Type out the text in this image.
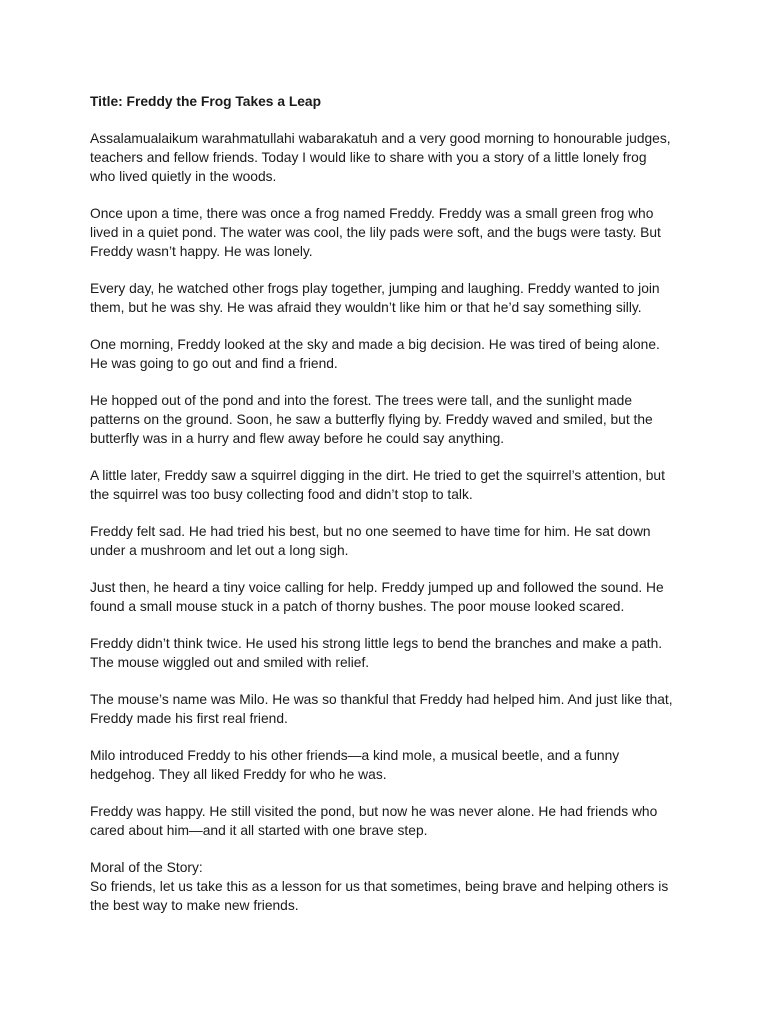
Title: Freddy the Frog Takes a Leap

Assalamualaikum warahmatullahi wabarakatuh and a very good morning to honourable judges,
teachers and fellow friends. Today I would like to share with you a story of a little lonely frog
who lived quietly in the woods.

Once upon a time, there was once a frog named Freddy. Freddy was a small green frog who
lived in a quiet pond. The water was cool, the lily pads were soft, and the bugs were tasty. But
Freddy wasn’t happy. He was lonely.

Every day, he watched other frogs play together, jumping and laughing. Freddy wanted to join
them, but he was shy. He was afraid they wouldn’t like him or that he’d say something silly.

One morning, Freddy looked at the sky and made a big decision. He was tired of being alone.
He was going to go out and find a friend.

He hopped out of the pond and into the forest. The trees were tall, and the sunlight made
patterns on the ground. Soon, he saw a butterfly flying by. Freddy waved and smiled, but the
butterfly was in a hurry and flew away before he could say anything.

A little later, Freddy saw a squirrel digging in the dirt. He tried to get the squirrel’s attention, but
the squirrel was too busy collecting food and didn’t stop to talk.

Freddy felt sad. He had tried his best, but no one seemed to have time for him. He sat down
under a mushroom and let out a long sigh.

Just then, he heard a tiny voice calling for help. Freddy jumped up and followed the sound. He
found a small mouse stuck in a patch of thorny bushes. The poor mouse looked scared.

Freddy didn’t think twice. He used his strong little legs to bend the branches and make a path.
The mouse wiggled out and smiled with relief.

The mouse’s name was Milo. He was so thankful that Freddy had helped him. And just like that,
Freddy made his first real friend.

Milo introduced Freddy to his other friends—a kind mole, a musical beetle, and a funny
hedgehog. They all liked Freddy for who he was.

Freddy was happy. He still visited the pond, but now he was never alone. He had friends who
cared about him—and it all started with one brave step.

Moral of the Story:

So friends, let us take this as a lesson for us that sometimes, being brave and helping others is
the best way to make new friends.
